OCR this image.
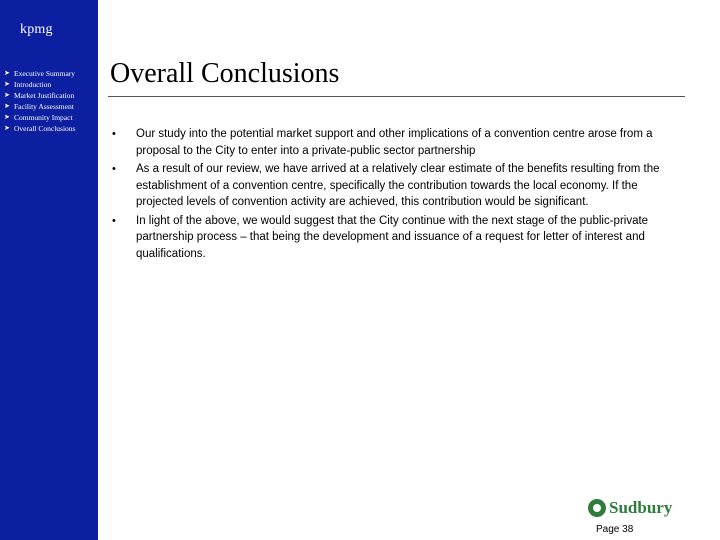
kpmg
➤ Executive Summary
➤ Introduction
➤ Market Justification
➤ Facility Assessment
➤ Community Impact
➤ Overall Conclusions
Overall Conclusions
• Our study into the potential market support and other implications of a convention centre arose from a proposal to the City to enter into a private-public sector partnership
• As a result of our review, we have arrived at a relatively clear estimate of the benefits resulting from the establishment of a convention centre, specifically the contribution towards the local economy. If the projected levels of convention activity are achieved, this contribution would be significant.
• In light of the above, we would suggest that the City continue with the next stage of the public-private partnership process – that being the development and issuance of a request for letter of interest and qualifications.
Sudbury
Page 38
